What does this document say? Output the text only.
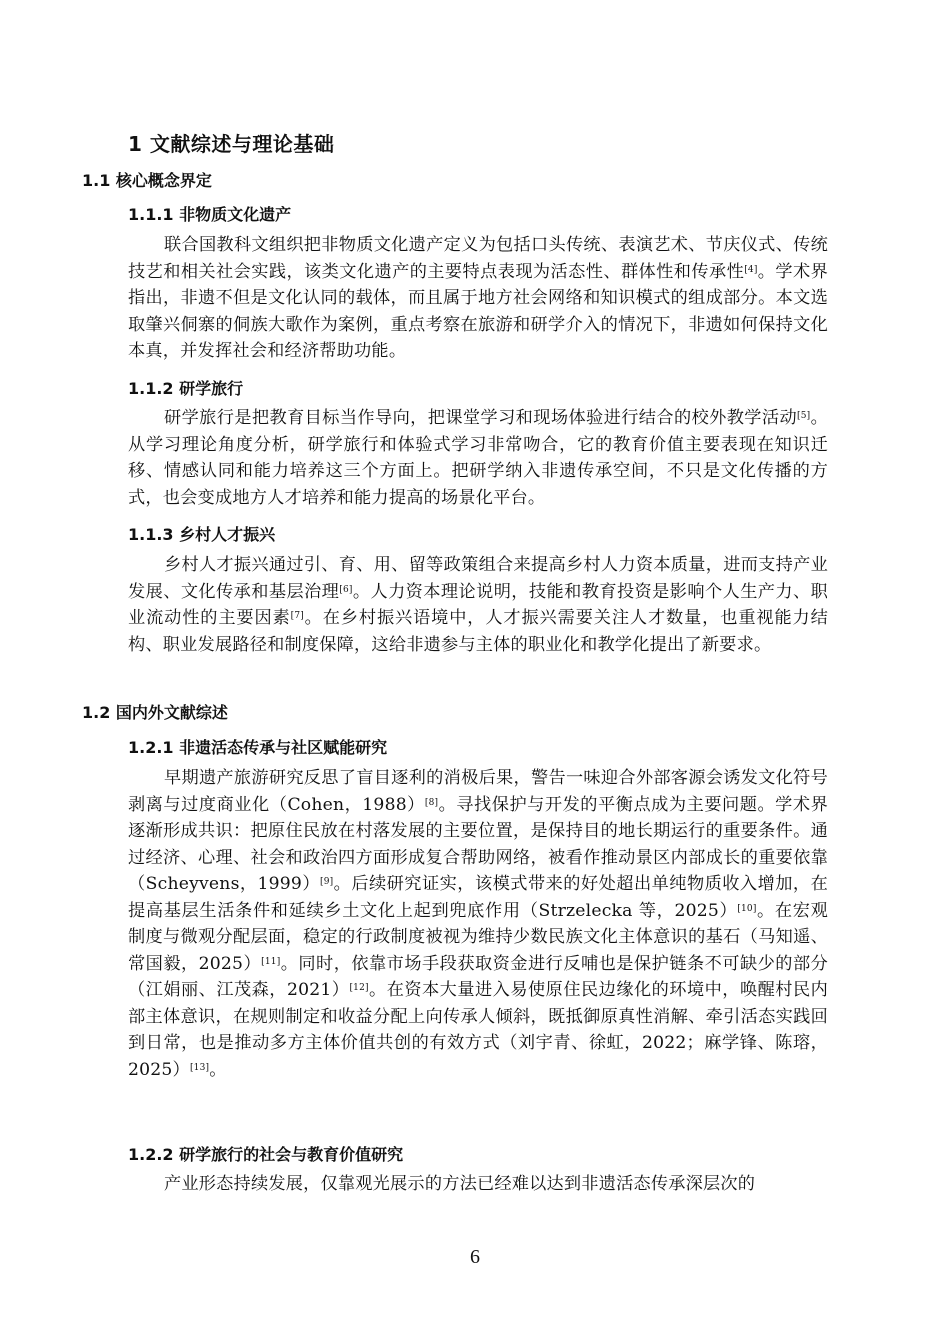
1 文献综述与理论基础
1.1 核心概念界定
1.1.1 非物质文化遗产
联合国教科文组织把非物质文化遗产定义为包括口头传统、表演艺术、节庆仪式、传统技艺和相关社会实践，该类文化遗产的主要特点表现为活态性、群体性和传承性[4]。学术界指出，非遗不但是文化认同的载体，而且属于地方社会网络和知识模式的组成部分。本文选取肇兴侗寨的侗族大歌作为案例，重点考察在旅游和研学介入的情况下，非遗如何保持文化本真，并发挥社会和经济帮助功能。
1.1.2 研学旅行
研学旅行是把教育目标当作导向，把课堂学习和现场体验进行结合的校外教学活动[5]。从学习理论角度分析，研学旅行和体验式学习非常吻合，它的教育价值主要表现在知识迁移、情感认同和能力培养这三个方面上。把研学纳入非遗传承空间，不只是文化传播的方式，也会变成地方人才培养和能力提高的场景化平台。
1.1.3 乡村人才振兴
乡村人才振兴通过引、育、用、留等政策组合来提高乡村人力资本质量，进而支持产业发展、文化传承和基层治理[6]。人力资本理论说明，技能和教育投资是影响个人生产力、职业流动性的主要因素[7]。在乡村振兴语境中，人才振兴需要关注人才数量，也重视能力结构、职业发展路径和制度保障，这给非遗参与主体的职业化和教学化提出了新要求。
1.2 国内外文献综述
1.2.1 非遗活态传承与社区赋能研究
早期遗产旅游研究反思了盲目逐利的消极后果，警告一味迎合外部客源会诱发文化符号剥离与过度商业化（Cohen，1988）[8]。寻找保护与开发的平衡点成为主要问题。学术界逐渐形成共识：把原住民放在村落发展的主要位置，是保持目的地长期运行的重要条件。通过经济、心理、社会和政治四方面形成复合帮助网络，被看作推动景区内部成长的重要依靠（Scheyvens，1999）[9]。后续研究证实，该模式带来的好处超出单纯物质收入增加，在提高基层生活条件和延续乡土文化上起到兜底作用（Strzelecka 等，2025）[10]。在宏观制度与微观分配层面，稳定的行政制度被视为维持少数民族文化主体意识的基石（马知遥、常国毅，2025）[11]。同时，依靠市场手段获取资金进行反哺也是保护链条不可缺少的部分（江娟丽、江茂森，2021）[12]。在资本大量进入易使原住民边缘化的环境中，唤醒村民内部主体意识，在规则制定和收益分配上向传承人倾斜，既抵御原真性消解、牵引活态实践回到日常，也是推动多方主体价值共创的有效方式（刘宇青、徐虹，2022；麻学锋、陈瑢，2025）[13]。
1.2.2 研学旅行的社会与教育价值研究
产业形态持续发展，仅靠观光展示的方法已经难以达到非遗活态传承深层次的
6
